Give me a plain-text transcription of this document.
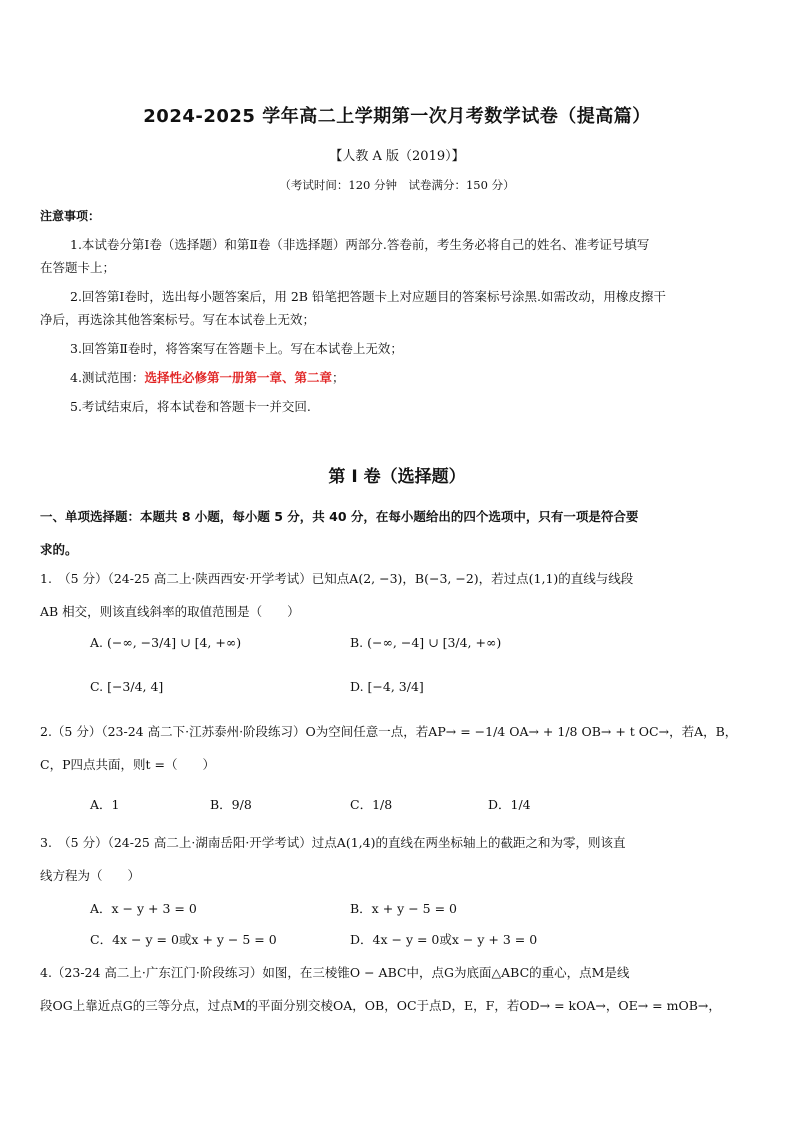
2024-2025 学年高二上学期第一次月考数学试卷（提高篇）
【人教 A 版（2019）】
（考试时间：120 分钟　试卷满分：150 分）
注意事项：
1.本试卷分第Ⅰ卷（选择题）和第Ⅱ卷（非选择题）两部分.答卷前，考生务必将自己的姓名、准考证号填写
在答题卡上；
2.回答第Ⅰ卷时，选出每小题答案后，用 2B 铅笔把答题卡上对应题目的答案标号涂黑.如需改动，用橡皮擦干
净后，再选涂其他答案标号。写在本试卷上无效；
3.回答第Ⅱ卷时，将答案写在答题卡上。写在本试卷上无效；
4.测试范围：选择性必修第一册第一章、第二章；
5.考试结束后，将本试卷和答题卡一并交回.
第 I 卷（选择题）
一、单项选择题：本题共 8 小题，每小题 5 分，共 40 分，在每小题给出的四个选项中，只有一项是符合要
求的。
1.　（5 分）（24-25 高二上·陕西西安·开学考试）已知点A(2, −3)，B(−3, −2)，若过点(1,1)的直线与线段
AB 相交，则该直线斜率的取值范围是（　　）
A. (−∞, −3/4] ∪ [4, +∞)	B. (−∞, −4] ∪ [3/4, +∞)
C. [−3/4, 4]	D. [−4, 3/4]
2.（5 分）（23-24 高二下·江苏泰州·阶段练习）O为空间任意一点，若AP→ = −1/4 OA→ + 1/8 OB→ + t OC→，若A，B，
C，P四点共面，则t =（　　）
A．1	B．9/8	C．1/8	D．1/4
3.　（5 分）（24-25 高二上·湖南岳阳·开学考试）过点A(1,4)的直线在两坐标轴上的截距之和为零，则该直
线方程为（　　）
A．x − y + 3 = 0	B．x + y − 5 = 0
C．4x − y = 0或x + y − 5 = 0	D．4x − y = 0或x − y + 3 = 0
4.（23-24 高二上·广东江门·阶段练习）如图，在三棱锥O − ABC中，点G为底面△ABC的重心，点M是线
段OG上靠近点G的三等分点，过点M的平面分别交棱OA，OB，OC于点D，E，F，若OD→ = kOA→，OE→ = mOB→，
